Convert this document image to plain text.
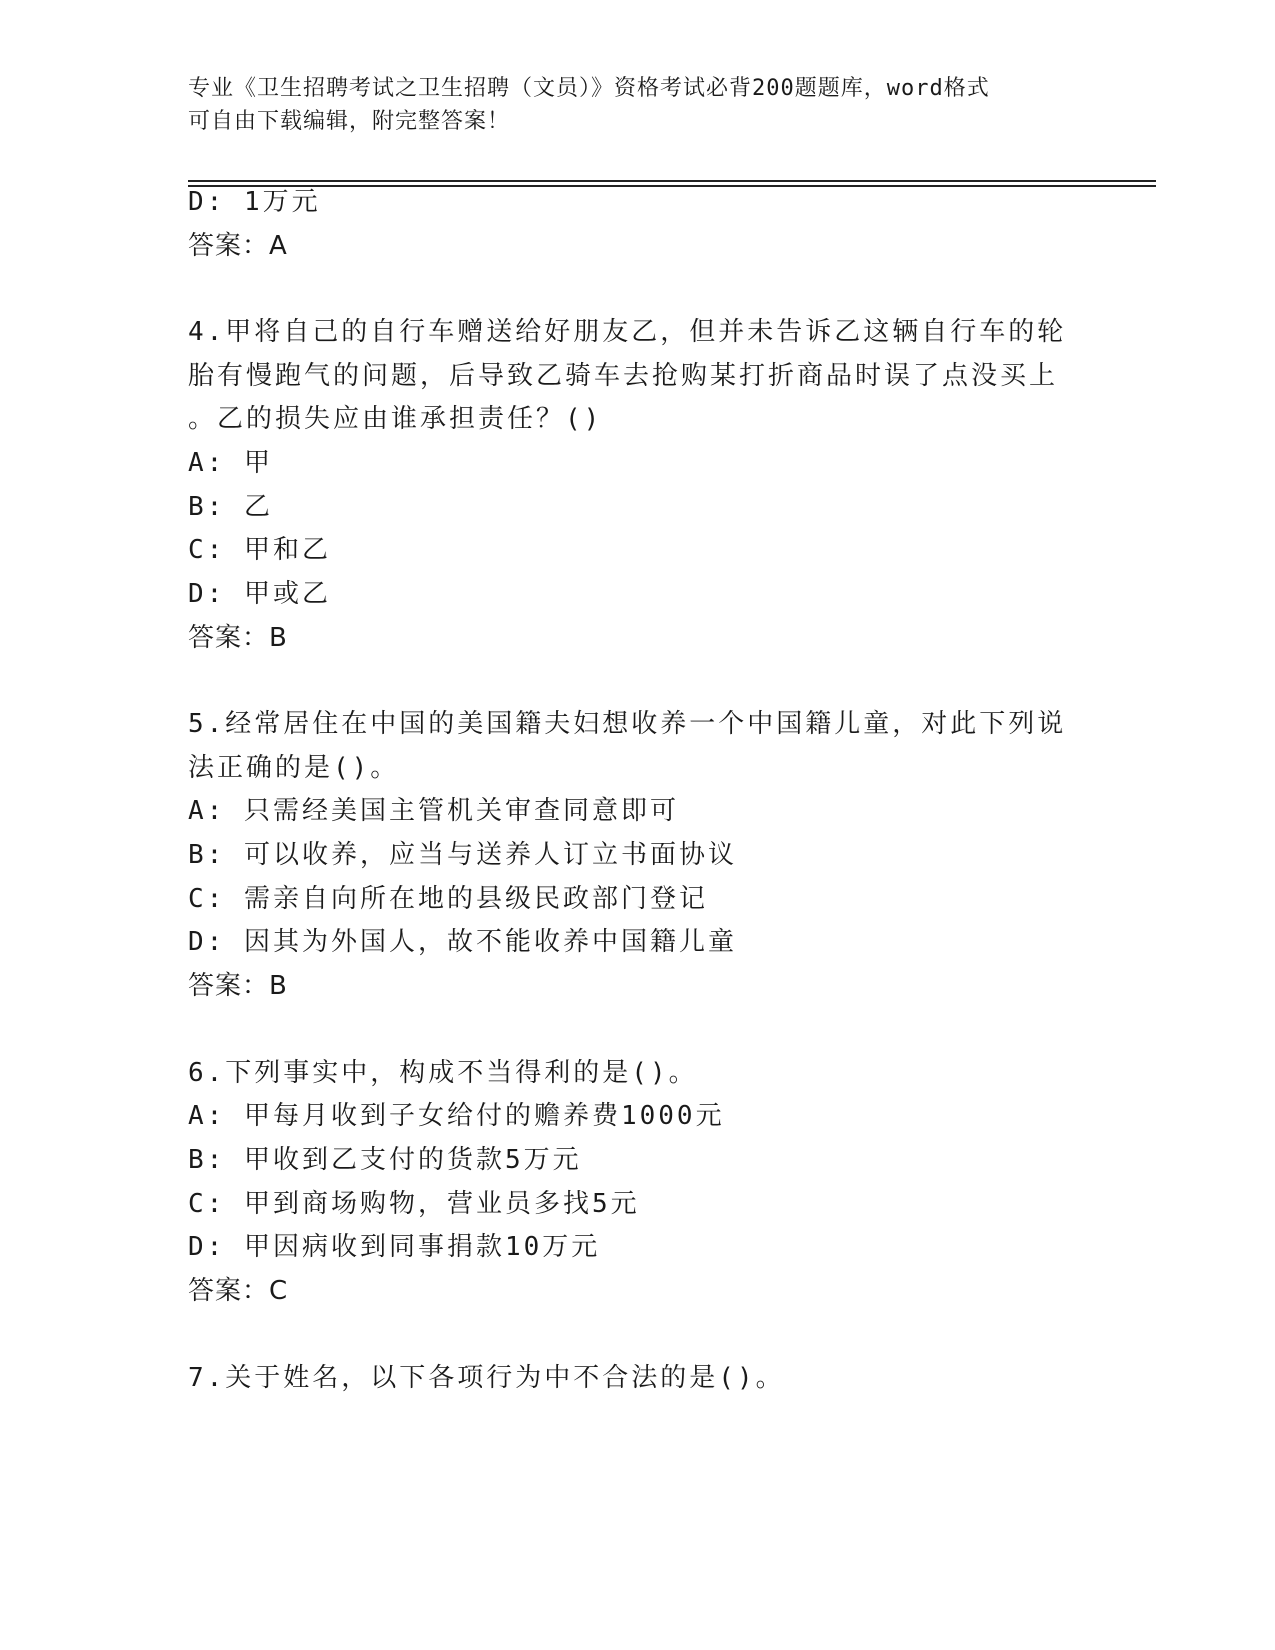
专业《卫生招聘考试之卫生招聘（文员）》资格考试必背200题题库，word格式
可自由下载编辑，附完整答案！
D: 1万元
答案：A
4.甲将自己的自行车赠送给好朋友乙，但并未告诉乙这辆自行车的轮
胎有慢跑气的问题，后导致乙骑车去抢购某打折商品时误了点没买上
。乙的损失应由谁承担责任？()
A: 甲
B: 乙
C: 甲和乙
D: 甲或乙
答案：B
5.经常居住在中国的美国籍夫妇想收养一个中国籍儿童，对此下列说
法正确的是()。
A: 只需经美国主管机关审查同意即可
B: 可以收养，应当与送养人订立书面协议
C: 需亲自向所在地的县级民政部门登记
D: 因其为外国人，故不能收养中国籍儿童
答案：B
6.下列事实中，构成不当得利的是()。
A: 甲每月收到子女给付的赡养费1000元
B: 甲收到乙支付的货款5万元
C: 甲到商场购物，营业员多找5元
D: 甲因病收到同事捐款10万元
答案：C
7.关于姓名，以下各项行为中不合法的是()。
